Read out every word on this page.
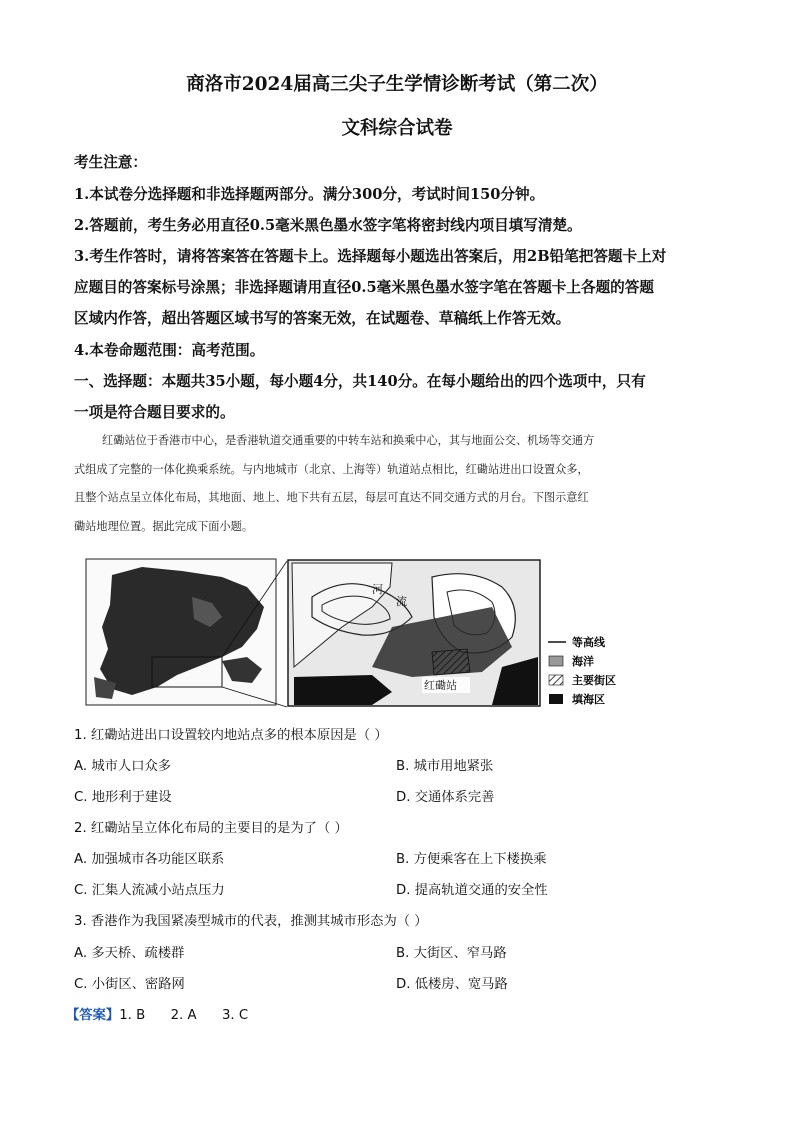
商洛市2024届高三尖子生学情诊断考试（第二次）
文科综合试卷
考生注意：
1.本试卷分选择题和非选择题两部分。满分300分，考试时间150分钟。
2.答题前，考生务必用直径0.5毫米黑色墨水签字笔将密封线内项目填写清楚。
3.考生作答时，请将答案答在答题卡上。选择题每小题选出答案后，用2B铅笔把答题卡上对
应题目的答案标号涂黑；非选择题请用直径0.5毫米黑色墨水签字笔在答题卡上各题的答题
区域内作答，超出答题区域书写的答案无效，在试题卷、草稿纸上作答无效。
4.本卷命题范围：高考范围。
一、选择题：本题共35小题，每小题4分，共140分。在每小题给出的四个选项中，只有
一项是符合题目要求的。
红磡站位于香港市中心，是香港轨道交通重要的中转车站和换乘中心，其与地面公交、机场等交通方
式组成了完整的一体化换乘系统。与内地城市（北京、上海等）轨道站点相比，红磡站进出口设置众多，
且整个站点呈立体化布局，其地面、地上、地下共有五层，每层可直达不同交通方式的月台。下图示意红
磡站地理位置。据此完成下面小题。
河
流
红磡站
等高线
海洋
主要街区
填海区
1. 红磡站进出口设置较内地站点多的根本原因是（ ）
A. 城市人口众多	B. 城市用地紧张
C. 地形利于建设	D. 交通体系完善
2. 红磡站呈立体化布局的主要目的是为了（ ）
A. 加强城市各功能区联系	B. 方便乘客在上下楼换乘
C. 汇集人流减小站点压力	D. 提高轨道交通的安全性
3. 香港作为我国紧凑型城市的代表，推测其城市形态为（ ）
A. 多天桥、疏楼群	B. 大街区、窄马路
C. 小街区、密路网	D. 低楼房、宽马路
【答案】1. B      2. A      3. C
